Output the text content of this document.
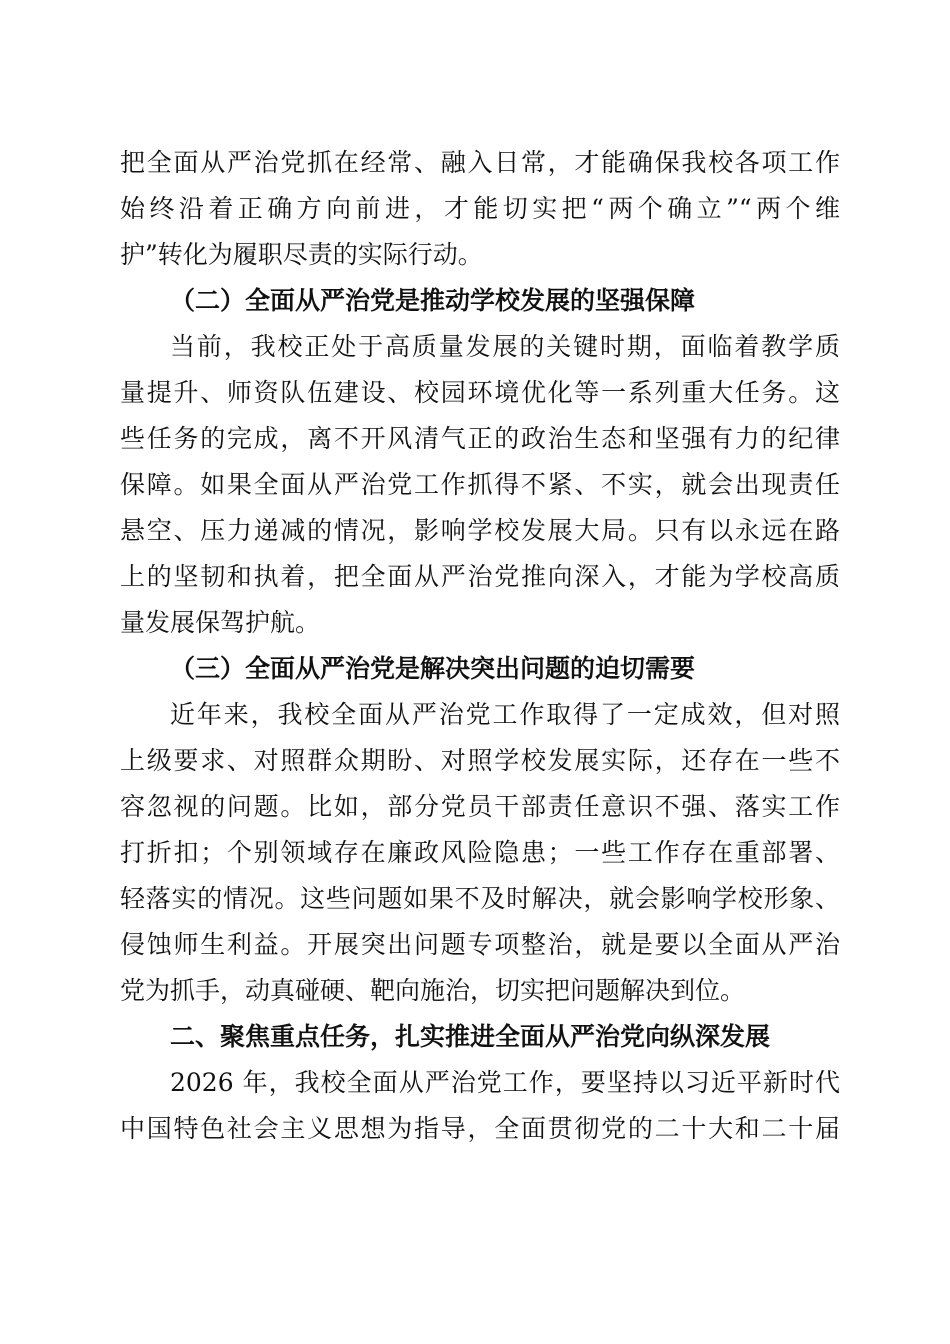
把全面从严治党抓在经常、融入日常，才能确保我校各项工作
始终沿着正确方向前进，才能切实把“两个确立”“两个维
护”转化为履职尽责的实际行动。
（二）全面从严治党是推动学校发展的坚强保障
当前，我校正处于高质量发展的关键时期，面临着教学质
量提升、师资队伍建设、校园环境优化等一系列重大任务。这
些任务的完成，离不开风清气正的政治生态和坚强有力的纪律
保障。如果全面从严治党工作抓得不紧、不实，就会出现责任
悬空、压力递减的情况，影响学校发展大局。只有以永远在路
上的坚韧和执着，把全面从严治党推向深入，才能为学校高质
量发展保驾护航。
（三）全面从严治党是解决突出问题的迫切需要
近年来，我校全面从严治党工作取得了一定成效，但对照
上级要求、对照群众期盼、对照学校发展实际，还存在一些不
容忽视的问题。比如，部分党员干部责任意识不强、落实工作
打折扣；个别领域存在廉政风险隐患；一些工作存在重部署、
轻落实的情况。这些问题如果不及时解决，就会影响学校形象、
侵蚀师生利益。开展突出问题专项整治，就是要以全面从严治
党为抓手，动真碰硬、靶向施治，切实把问题解决到位。
二、聚焦重点任务，扎实推进全面从严治党向纵深发展
2026 年，我校全面从严治党工作，要坚持以习近平新时代
中国特色社会主义思想为指导，全面贯彻党的二十大和二十届
